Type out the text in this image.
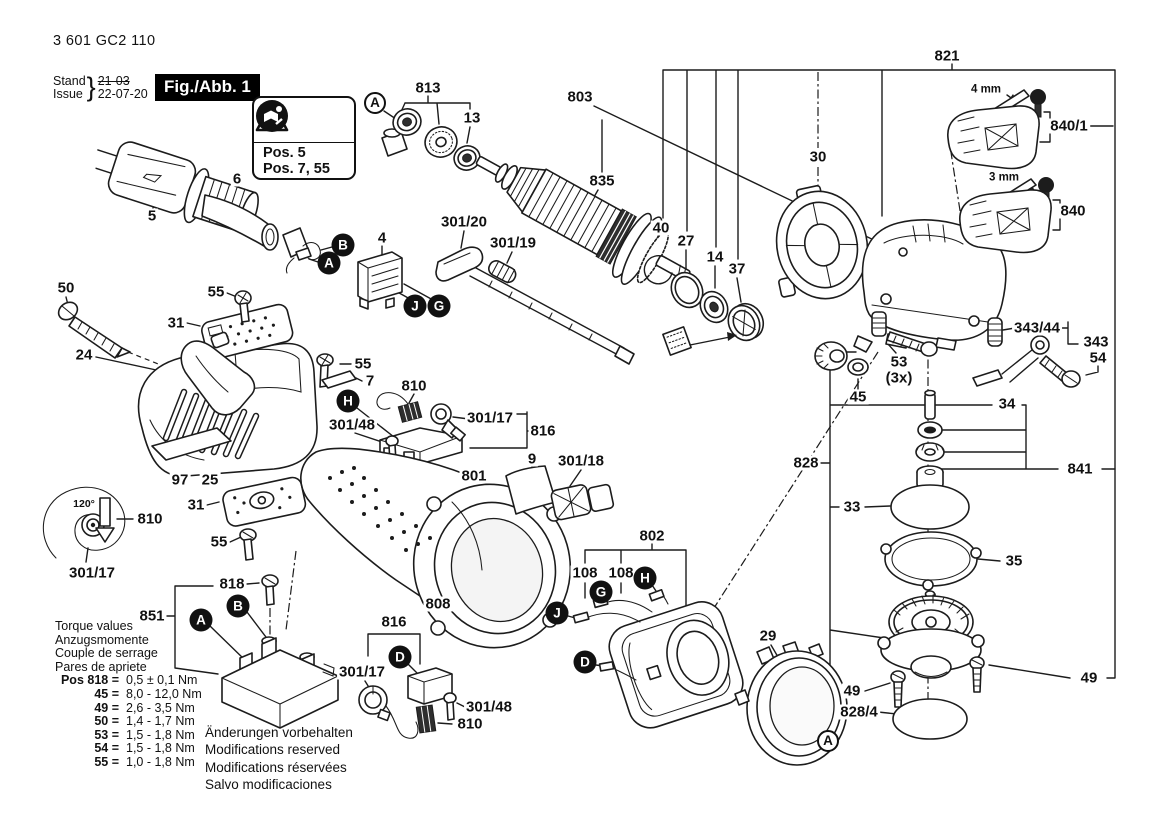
3 601 GC2 110
Stand
Issue } 21-03
22-07-20 Fig./Abb. 1
Pos. 5
Pos. 7, 55
Torque values
Anzugsmomente
Couple de serrage
Pares de apriete
Pos 818 = 0,5 ± 0,1 Nm
45 = 8,0 - 12,0 Nm
49 = 2,6 - 3,5 Nm
50 = 1,4 - 1,7 Nm
53 = 1,5 - 1,8 Nm
54 = 1,5 - 1,8 Nm
55 = 1,0 - 1,8 Nm
Änderungen vorbehalten
Modifications reserved
Modifications réservées
Salvo modificaciones
813
13
803
835
821
4 mm
840/1
3 mm
840
30
6
5
50
24
55
31
4
301/20
301/19
40
27
14
37
343/44
343
54
53
(3x)
45
55
7 810
301/48	301/17
816
97 25
31
55
120°
810
301/17
9 301/18
801
34
828	841
33
35
818
851
808
802
108 108
29
49
49
828/4
816
301/17
301/48
810
A
B
A
J	G
H
B
A
D
J
G
H
D
A
